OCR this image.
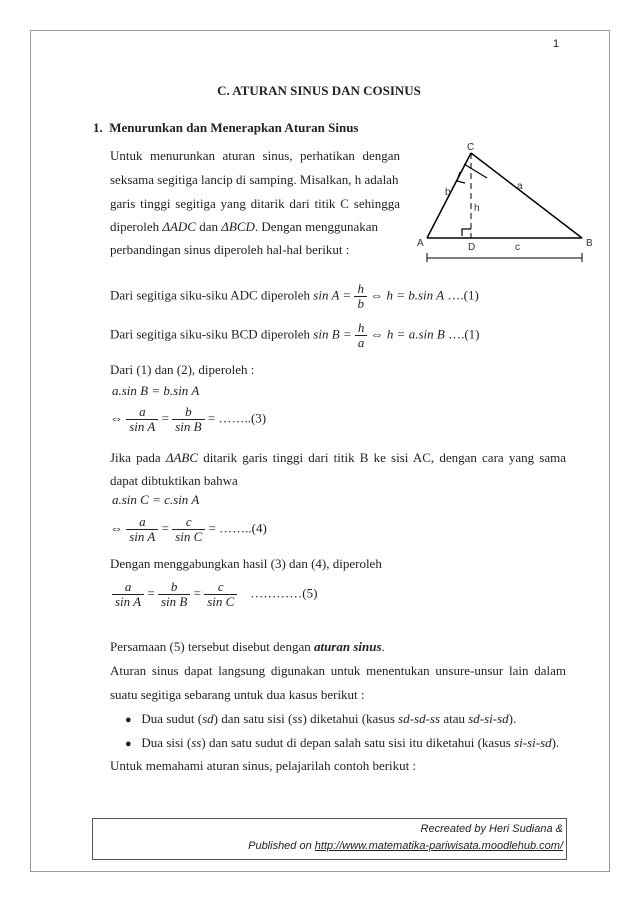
1
C. ATURAN SINUS DAN COSINUS
1. Menurunkan dan Menerapkan Aturan Sinus
Untuk menurunkan aturan sinus, perhatikan dengan
seksama segitiga lancip di samping. Misalkan, h adalah
garis tinggi segitiga yang ditarik dari titik C sehingga
diperoleh ΔADC dan ΔBCD. Dengan menggunakan
perbandingan sinus diperoleh hal-hal berikut :
C
A	B
D
a
b
c
h
Dari segitiga siku-siku ADC diperoleh $\sin A = \frac{h}{b}$ ⇔ h = b.sin A ….(1)
Dari segitiga siku-siku BCD diperoleh $\sin B = \frac{h}{a}$ ⇔ h = a.sin B ….(1)
Dari (1) dan (2), diperoleh :
a.sin B = b.sin A
⇔ $\frac{a}{\text{sin A}} = \frac{b}{\text{sin B}}$ = ……..(3)
Jika pada ΔABC ditarik garis tinggi dari titik B ke sisi AC, dengan cara yang sama
dapat dibtuktikan bahwa
a.sin C = c.sin A
⇔ $\frac{a}{\text{sin A}} = \frac{c}{\text{sin C}}$ = ……..(4)
Dengan menggabungkan hasil (3) dan (4), diperoleh
$\frac{a}{\text{sin A}} = \frac{b}{\text{sin B}} = \frac{c}{\text{sin C}}$ …………(5)
Persamaan (5) tersebut disebut dengan aturan sinus.
Aturan sinus dapat langsung digunakan untuk menentukan unsure-unsur lain dalam
suatu segitiga sebarang untuk dua kasus berikut :
● Dua sudut (sd) dan satu sisi (ss) diketahui (kasus sd-sd-ss atau sd-si-sd).
● Dua sisi (ss) dan satu sudut di depan salah satu sisi itu diketahui (kasus si-si-sd).
Untuk memahami aturan sinus, pelajarilah contoh berikut :
Recreated by Heri Sudiana &
Published on http://www.matematika-pariwisata.moodlehub.com/
